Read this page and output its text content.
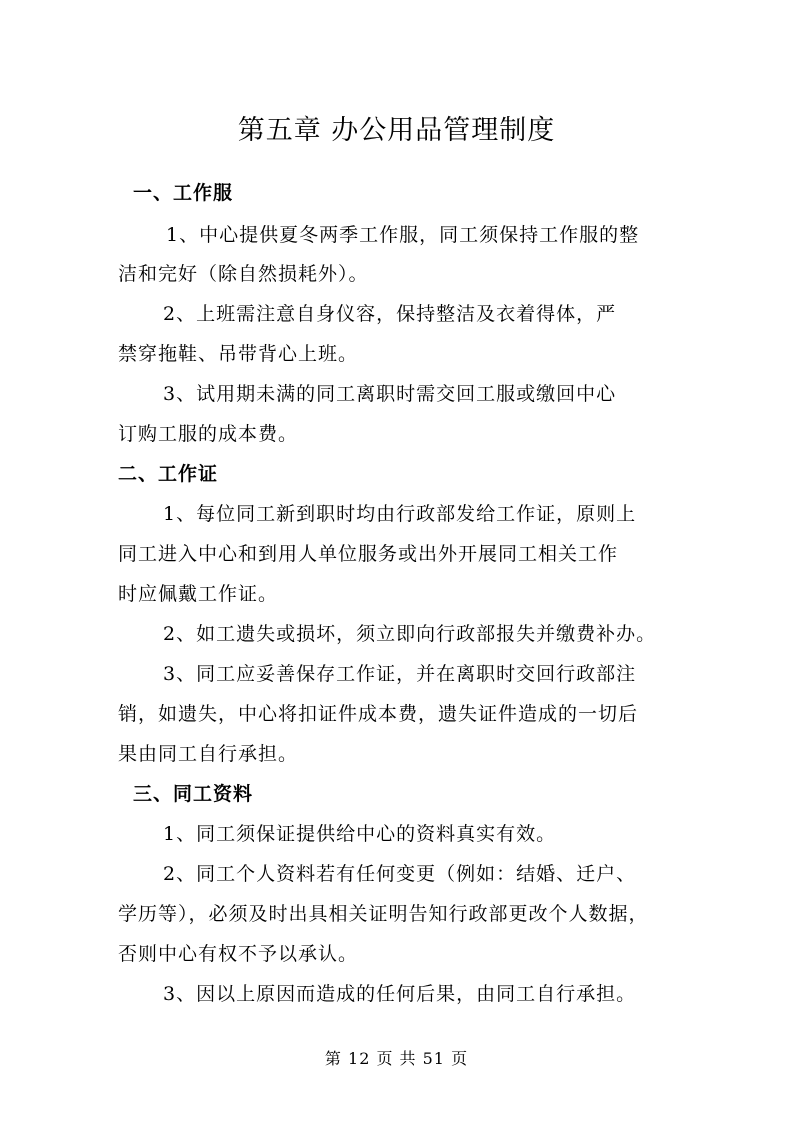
第五章 办公用品管理制度
一、工作服
1、中心提供夏冬两季工作服，同工须保持工作服的整
洁和完好（除自然损耗外）。
2、上班需注意自身仪容，保持整洁及衣着得体，严
禁穿拖鞋、吊带背心上班。
3、试用期未满的同工离职时需交回工服或缴回中心
订购工服的成本费。
二、工作证
1、每位同工新到职时均由行政部发给工作证，原则上
同工进入中心和到用人单位服务或出外开展同工相关工作
时应佩戴工作证。
2、如工遗失或损坏，须立即向行政部报失并缴费补办。
3、同工应妥善保存工作证，并在离职时交回行政部注
销，如遗失，中心将扣证件成本费，遗失证件造成的一切后
果由同工自行承担。
三、同工资料
1、同工须保证提供给中心的资料真实有效。
2、同工个人资料若有任何变更（例如：结婚、迁户、
学历等），必须及时出具相关证明告知行政部更改个人数据，
否则中心有权不予以承认。
3、因以上原因而造成的任何后果，由同工自行承担。
第 12 页 共 51 页
